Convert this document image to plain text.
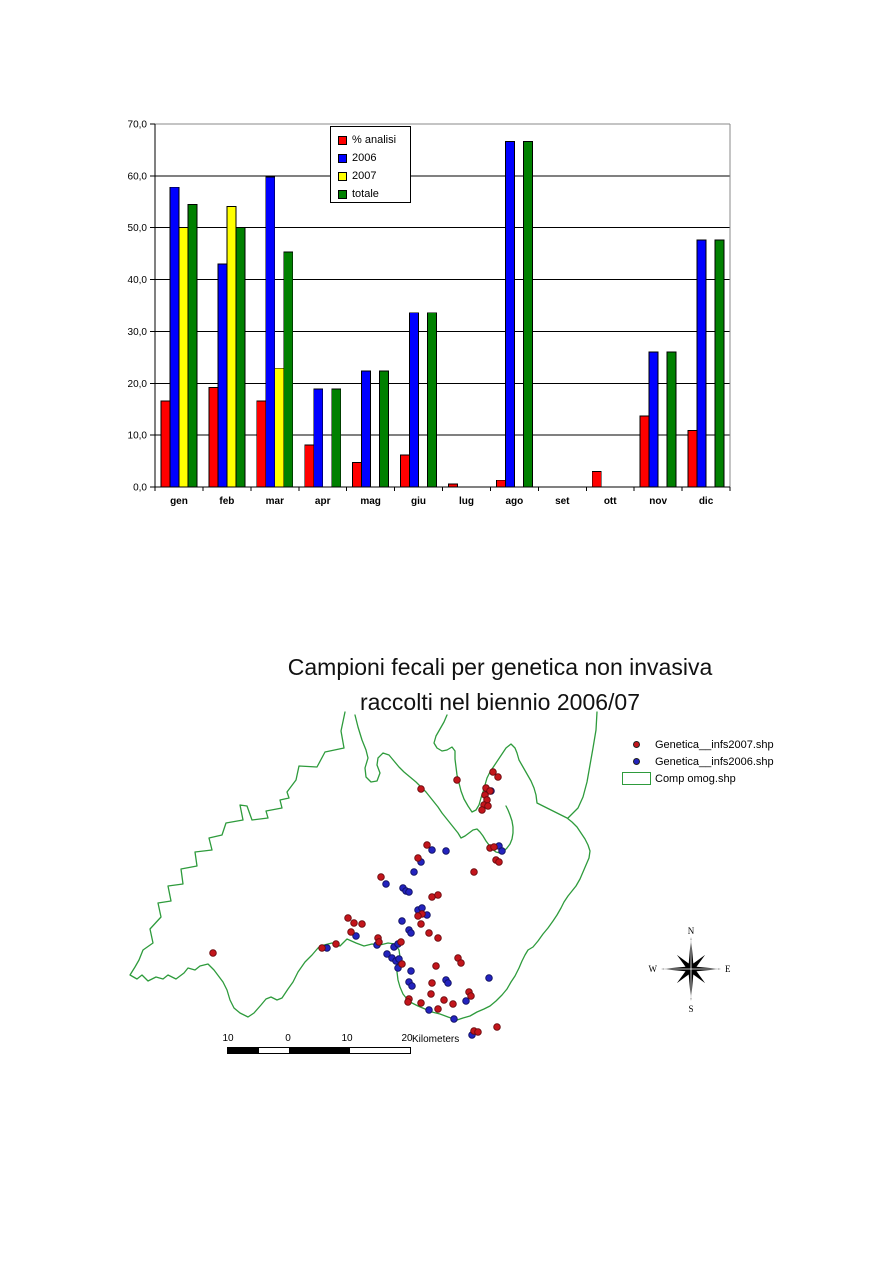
0,0
10,0
20,0
30,0
40,0
50,0
60,0
70,0
gen	feb	mar	apr	mag	giu	lug	ago	set	ott	nov	dic
% analisi
2006
2007
totale
Campioni fecali per genetica non invasiva
raccolti nel biennio 2006/07
Genetica__infs2007.shp
Genetica__infs2006.shp
Comp omog.shp
10	0	10	20 Kilometers
N
E
S
W
